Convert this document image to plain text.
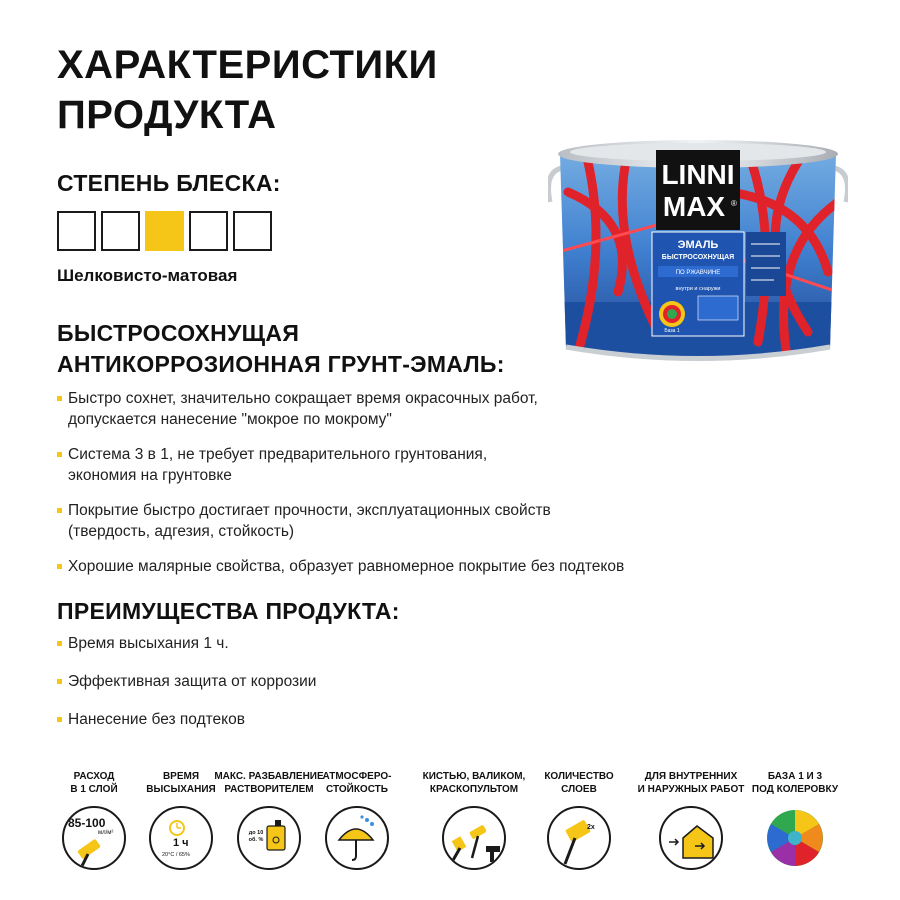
ХАРАКТЕРИСТИКИ
ПРОДУКТА
СТЕПЕНЬ БЛЕСКА:
Шелковисто-матовая
БЫСТРОСОХНУЩАЯ
АНТИКОРРОЗИОННАЯ ГРУНТ-ЭМАЛЬ:
Быстро сохнет, значительно сокращает время окрасочных работ,
допускается нанесение "мокрое по мокрому"
Система 3 в 1, не требует предварительного грунтования,
экономия на грунтовке
Покрытие быстро достигает прочности, эксплуатационных свойств
(твердость, адгезия, стойкость)
Хорошие малярные свойства, образует равномерное покрытие без подтеков
ПРЕИМУЩЕСТВА ПРОДУКТА:
Время высыхания 1 ч.
Эффективная защита от коррозии
Нанесение без подтеков
LINNI
MAX ®
ЭМАЛЬ
БЫСТРОСОХНУЩАЯ
ПО РЖАВЧИНЕ
внутри и снаружи
База 1
РАСХОД
В 1 СЛОЙ
85-100
мл/м²
ВРЕМЯ
ВЫСЫХАНИЯ
1 ч
20°C / 65%
МАКС. РАЗБАВЛЕНИЕ
РАСТВОРИТЕЛЕМ
до 10 об. %
АТМОСФЕРО-
СТОЙКОСТЬ
КИСТЬЮ, ВАЛИКОМ,
КРАСКОПУЛЬТОМ
КОЛИЧЕСТВО
СЛОЕВ
2x
ДЛЯ ВНУТРЕННИХ
И НАРУЖНЫХ РАБОТ
БАЗА 1 И 3
ПОД КОЛЕРОВКУ
